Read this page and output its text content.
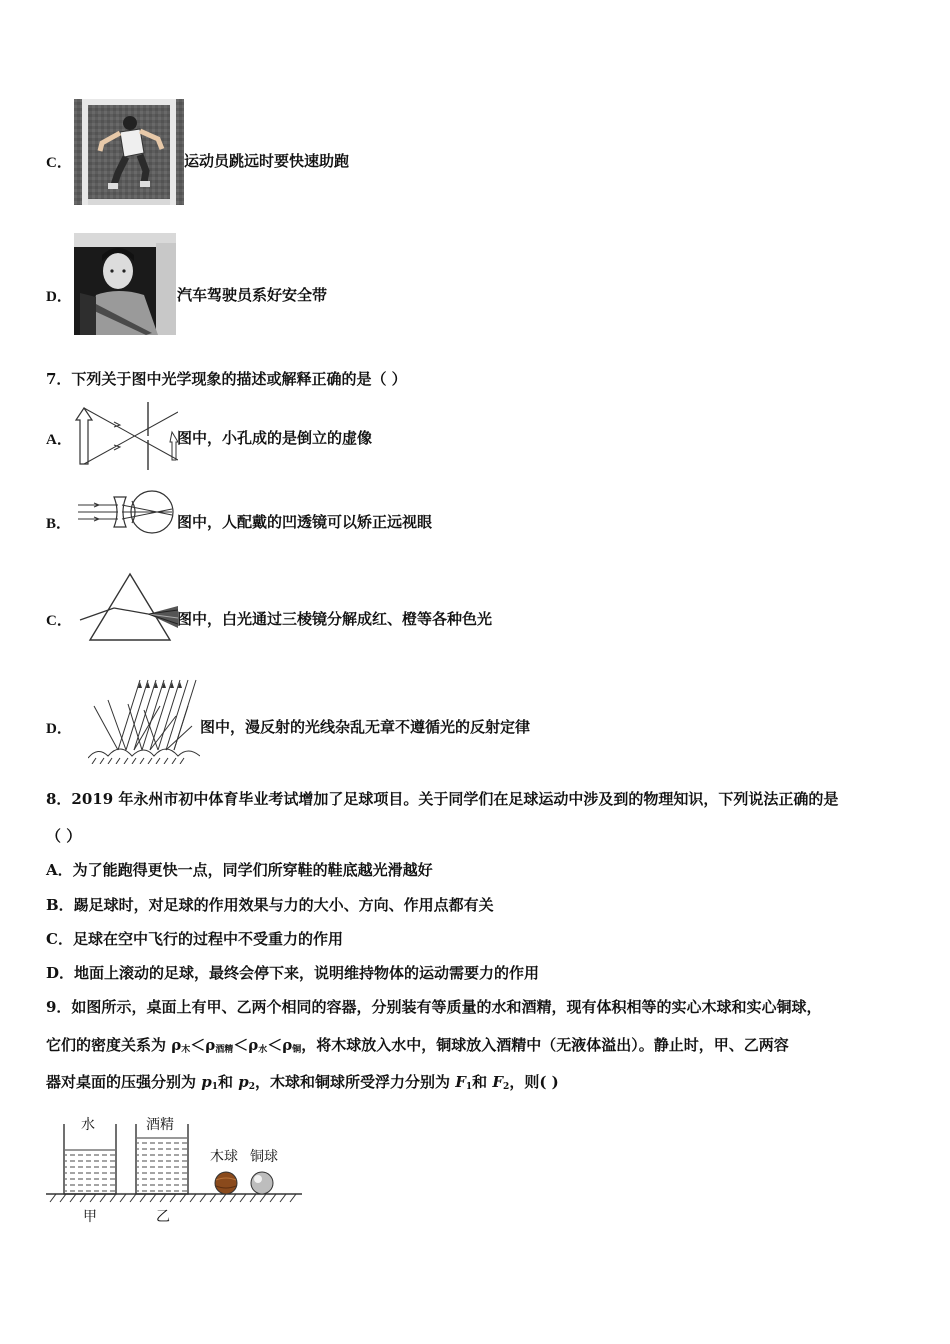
C．	运动员跳远时要快速助跑
D．	汽车驾驶员系好安全带
7．下列关于图中光学现象的描述或解释正确的是（ ）
A．	图中，小孔成的是倒立的虚像
B．	图中，人配戴的凹透镜可以矫正远视眼
C．	图中，白光通过三棱镜分解成红、橙等各种色光
D．	图中，漫反射的光线杂乱无章不遵循光的反射定律
8．2019 年永州市初中体育毕业考试增加了足球项目。关于同学们在足球运动中涉及到的物理知识，下列说法正确的是
（ ）
A．为了能跑得更快一点，同学们所穿鞋的鞋底越光滑越好
B．踢足球时，对足球的作用效果与力的大小、方向、作用点都有关
C．足球在空中飞行的过程中不受重力的作用
D．地面上滚动的足球，最终会停下来，说明维持物体的运动需要力的作用
9．如图所示，桌面上有甲、乙两个相同的容器，分别装有等质量的水和酒精，现有体积相等的实心木球和实心铜球，
它们的密度关系为 $\rho_木<\rho_{酒精}<\rho_水<\rho_铜$，将木球放入水中，铜球放入酒精中（无液体溢出）。静止时，甲、乙两容
器对桌面的压强分别为 $p_1$和 $p_2$，木球和铜球所受浮力分别为 $F_1$和 $F_2$，则( )
水	酒精
木球 铜球
甲	乙
